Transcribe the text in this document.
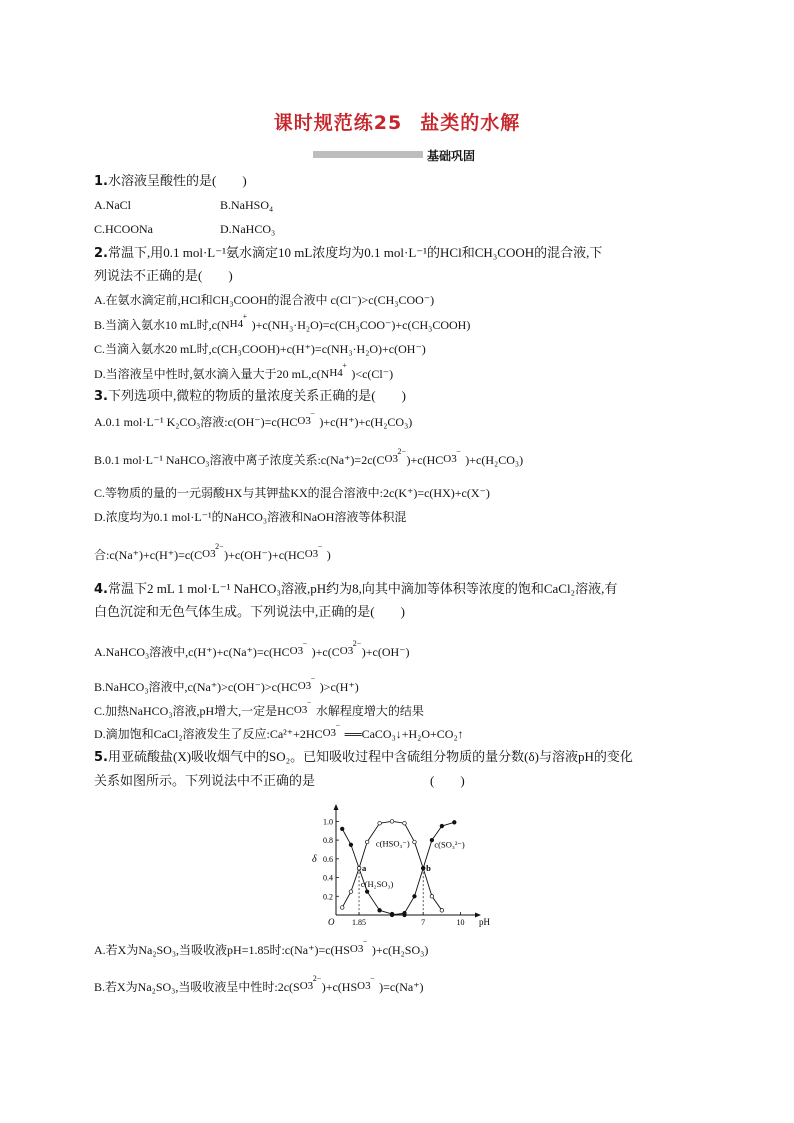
课时规范练25 盐类的水解
基础巩固
1.水溶液呈酸性的是(　　)
A.NaCl	B.NaHSO₄
C.HCOONa	D.NaHCO₃
2.常温下,用0.1 mol·L⁻¹氨水滴定10 mL浓度均为0.1 mol·L⁻¹的HCl和CH₃COOH的混合液,下
列说法不正确的是(　　)
A.在氨水滴定前,HCl和CH₃COOH的混合液中 c(Cl⁻)>c(CH₃COO⁻)
B.当滴入氨水10 mL时,c(N H4
+
)+c(NH₃·H₂O)=c(CH₃COO⁻)+c(CH₃COOH)
C.当滴入氨水20 mL时,c(CH₃COOH)+c(H⁺)=c(NH₃·H₂O)+c(OH⁻)
D.当溶液呈中性时,氨水滴入量大于20 mL,c(N H4
+
)<c(Cl⁻)
3.下列选项中,微粒的物质的量浓度关系正确的是(　　)
A.0.1 mol·L⁻¹ K₂CO₃溶液:c(OH⁻)=c(HC O3
−
)+c(H⁺)+c(H₂CO₃)
B.0.1 mol·L⁻¹ NaHCO₃溶液中离子浓度关系:c(Na⁺)=2c(C O3
2−
)+c(HC O3
−
)+c(H₂CO₃)
C.等物质的量的一元弱酸HX与其钾盐KX的混合溶液中:2c(K⁺)=c(HX)+c(X⁻)
D.浓度均为0.1 mol·L⁻¹的NaHCO₃溶液和NaOH溶液等体积混
合:c(Na⁺)+c(H⁺)=c(C O3
2−
)+c(OH⁻)+c(HC O3
−
)
4.常温下2 mL 1 mol·L⁻¹ NaHCO₃溶液,pH约为8,向其中滴加等体积等浓度的饱和CaCl₂溶液,有
白色沉淀和无色气体生成。下列说法中,正确的是(　　)
A.NaHCO₃溶液中,c(H⁺)+c(Na⁺)=c(HC O3
−
)+c(C O3
2−
)+c(OH⁻)
B.NaHCO₃溶液中,c(Na⁺)>c(OH⁻)>c(HC O3
−
)>c(H⁺)
C.加热NaHCO₃溶液,pH增大,一定是HC O3
−
水解程度增大的结果
D.滴加饱和CaCl₂溶液发生了反应:Ca²⁺+2HC O3
−
══CaCO₃↓+H₂O+CO₂↑
5.用亚硫酸盐(X)吸收烟气中的SO₂。已知吸收过程中含硫组分物质的量分数(δ)与溶液pH的变化
关系如图所示。下列说法中不正确的是	(　　)
0.2
0.4
0.6
0.8
1.0
1.85	7	10
O	pH
δ
c(H₂SO₃)
c(HSO₃⁻)	c(SO₃²⁻)
a	b
A.若X为Na₂SO₃,当吸收液pH=1.85时:c(Na⁺)=c(HS O3
−
)+c(H₂SO₃)
B.若X为Na₂SO₃,当吸收液呈中性时:2c(S O3
2−
)+c(HS O3
−
)=c(Na⁺)
